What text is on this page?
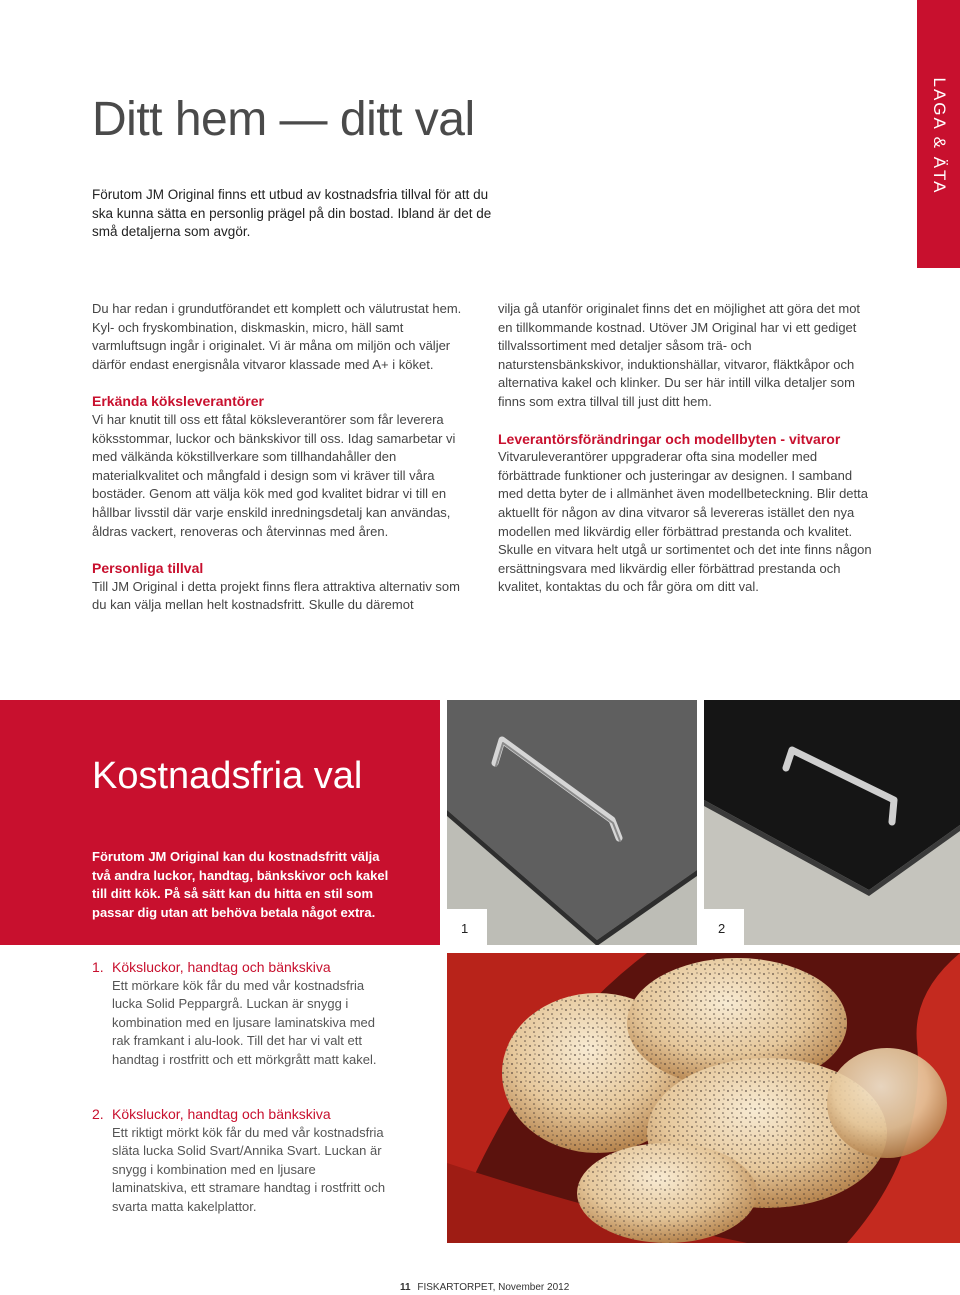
LAGA & ÄTA
Ditt hem — ditt val

Förutom JM Original finns ett utbud av kostnadsfria tillval för att du ska kunna sätta en personlig prägel på din bostad. Ibland är det de små detaljerna som avgör.

Du har redan i grundutförandet ett komplett och välutrustat hem. Kyl- och fryskombination, diskmaskin, micro, häll samt varmluftsugn ingår i originalet. Vi är måna om miljön och väljer därför endast energisnåla vitvaror klassade med A+ i köket.

Erkända köksleverantörer

Vi har knutit till oss ett fåtal köksleverantörer som får leverera köksstommar, luckor och bänkskivor till oss. Idag samarbetar vi med välkända kökstillverkare som tillhandahåller den materialkvalitet och mångfald i design som vi kräver till våra bostäder. Genom att välja kök med god kvalitet bidrar vi till en hållbar livsstil där varje enskild inredningsdetalj kan användas, åldras vackert, renoveras och återvinnas med åren.

Personliga tillval

Till JM Original i detta projekt finns flera attraktiva alternativ som du kan välja mellan helt kostnadsfritt. Skulle du däremot

vilja gå utanför originalet finns det en möjlighet att göra det mot en tillkommande kostnad. Utöver JM Original har vi ett gediget tillvalssortiment med detaljer såsom trä- och naturstensbänkskivor, induktionshällar, vitvaror, fläktkåpor och alternativa kakel och klinker. Du ser här intill vilka detaljer som finns som extra tillval till just ditt hem.

Leverantörsförändringar och modellbyten - vitvaror

Vitvaruleverantörer uppgraderar ofta sina modeller med förbättrade funktioner och justeringar av designen. I samband med detta byter de i allmänhet även modellbeteckning. Blir detta aktuellt för någon av dina vitvaror så levereras istället den nya modellen med likvärdig eller förbättrad prestanda och kvalitet. Skulle en vitvara helt utgå ur sortimentet och det inte finns någon ersättningsvara med likvärdig eller förbättrad prestanda och kvalitet, kontaktas du och får göra om ditt val.

Kostnadsfria val

Förutom JM Original kan du kostnadsfritt välja två andra luckor, handtag, bänkskivor och kakel till ditt kök. På så sätt kan du hitta en stil som passar dig utan att behöva betala något extra.

1	2

1. Köksluckor, handtag och bänkskiva

Ett mörkare kök får du med vår kostnadsfria lucka Solid Peppargrå. Luckan är snygg i kombination med en ljusare laminatskiva med rak framkant i alu-look. Till det har vi valt ett handtag i rostfritt och ett mörkgrått matt kakel.

2. Köksluckor, handtag och bänkskiva

Ett riktigt mörkt kök får du med vår kostnadsfria släta lucka Solid Svart/Annika Svart. Luckan är snygg i kombination med en ljusare laminatskiva, ett stramare handtag i rostfritt och svarta matta kakelplattor.

11 FISKARTORPET, November 2012
